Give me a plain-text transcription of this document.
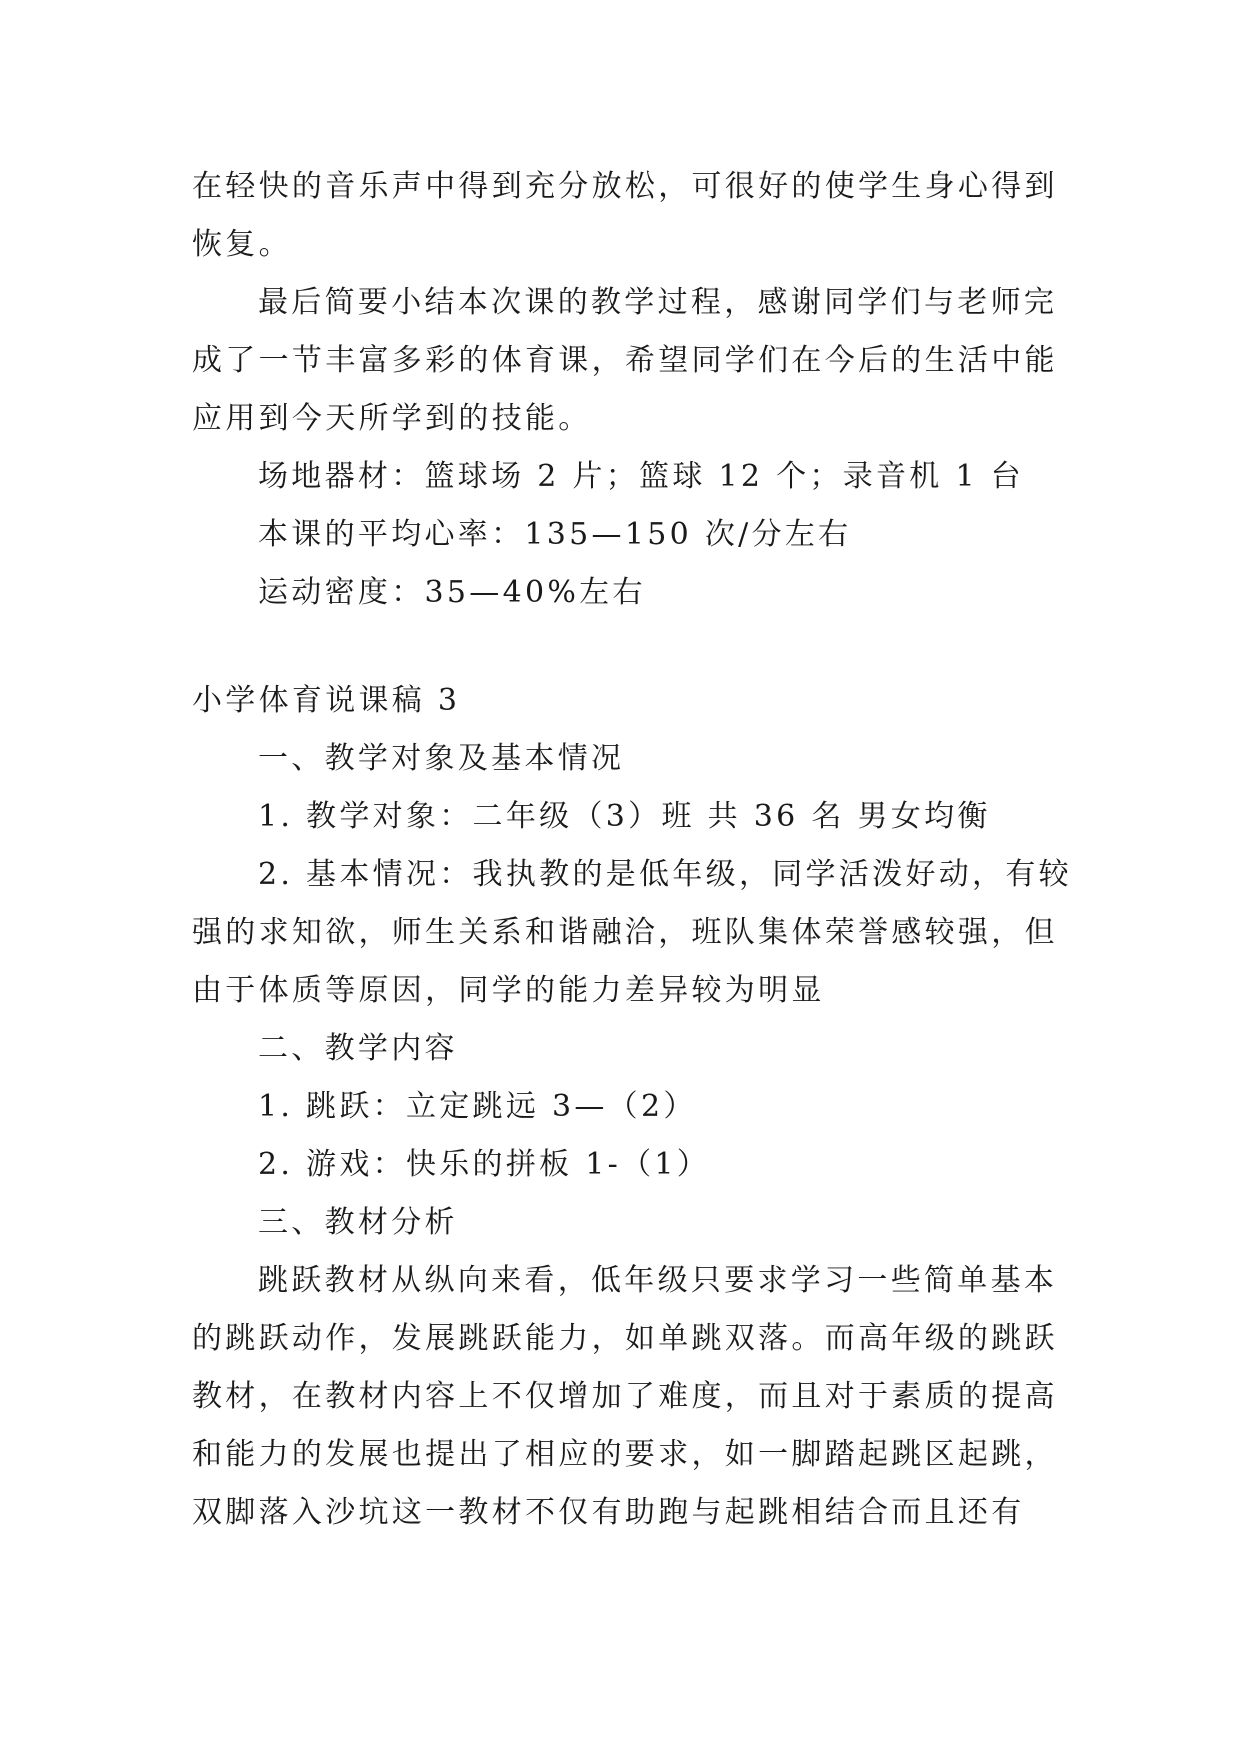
在轻快的音乐声中得到充分放松，可很好的使学生身心得到

恢复。

最后简要小结本次课的教学过程，感谢同学们与老师完

成了一节丰富多彩的体育课，希望同学们在今后的生活中能

应用到今天所学到的技能。

场地器材：篮球场 2 片；篮球 12 个；录音机 1 台

本课的平均心率：135—150 次/分左右

运动密度：35—40%左右

小学体育说课稿 3

一、教学对象及基本情况

1. 教学对象：二年级（3）班 共 36 名 男女均衡

2. 基本情况：我执教的是低年级，同学活泼好动，有较

强的求知欲，师生关系和谐融洽，班队集体荣誉感较强，但

由于体质等原因，同学的能力差异较为明显

二、教学内容

1. 跳跃：立定跳远 3—（2）

2. 游戏：快乐的拼板 1-（1）

三、教材分析

跳跃教材从纵向来看，低年级只要求学习一些简单基本

的跳跃动作，发展跳跃能力，如单跳双落。而高年级的跳跃

教材，在教材内容上不仅增加了难度，而且对于素质的提高

和能力的发展也提出了相应的要求，如一脚踏起跳区起跳，

双脚落入沙坑这一教材不仅有助跑与起跳相结合而且还有
